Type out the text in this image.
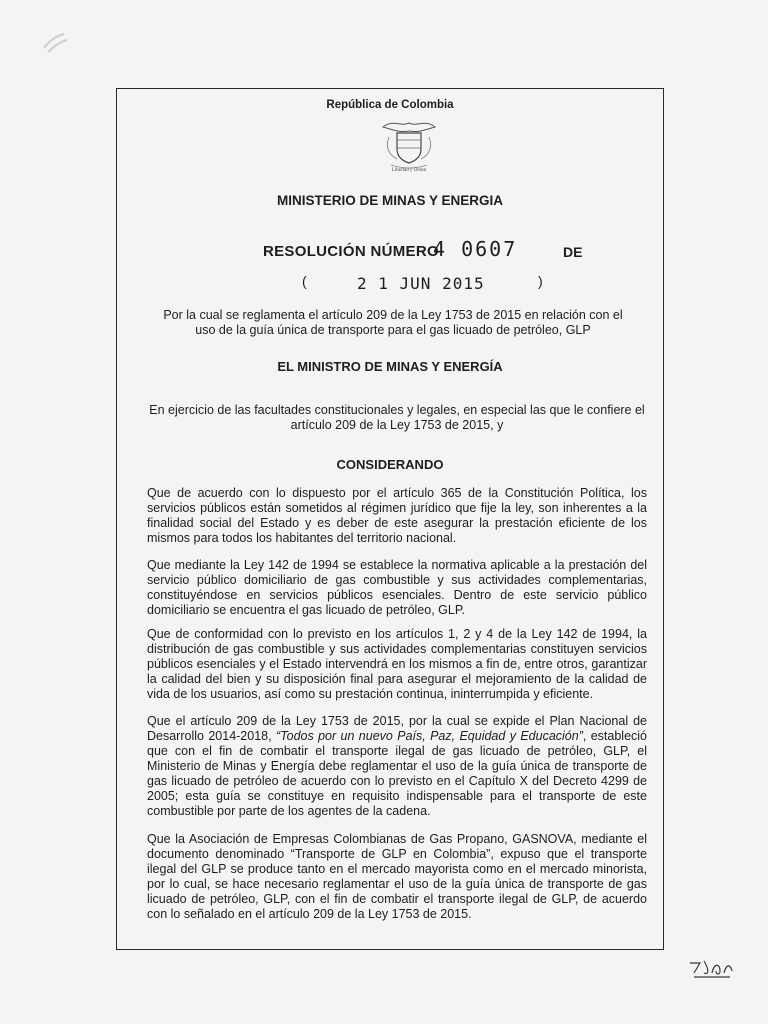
República de Colombia
Libertad y Orden
MINISTERIO DE MINAS Y ENERGIA
RESOLUCIÓN NÚMERO
4 0607	DE
(	2 1 JUN 2015	)
Por la cual se reglamenta el artículo 209 de la Ley 1753 de 2015 en relación con el uso de la guía única de transporte para el gas licuado de petróleo, GLP
EL MINISTRO DE MINAS Y ENERGÍA
En ejercicio de las facultades constitucionales y legales, en especial las que le confiere el artículo 209 de la Ley 1753 de 2015, y
CONSIDERANDO
Que de acuerdo con lo dispuesto por el artículo 365 de la Constitución Política, los servicios públicos están sometidos al régimen jurídico que fije la ley, son inherentes a la finalidad social del Estado y es deber de este asegurar la prestación eficiente de los mismos para todos los habitantes del territorio nacional.
Que mediante la Ley 142 de 1994 se establece la normativa aplicable a la prestación del servicio público domiciliario de gas combustible y sus actividades complementarias, constituyéndose en servicios públicos esenciales. Dentro de este servicio público domiciliario se encuentra el gas licuado de petróleo, GLP.
Que de conformidad con lo previsto en los artículos 1, 2 y 4 de la Ley 142 de 1994, la distribución de gas combustible y sus actividades complementarias constituyen servicios públicos esenciales y el Estado intervendrá en los mismos a fin de, entre otros, garantizar la calidad del bien y su disposición final para asegurar el mejoramiento de la calidad de vida de los usuarios, así como su prestación continua, ininterrumpida y eficiente.
Que el artículo 209 de la Ley 1753 de 2015, por la cual se expide el Plan Nacional de Desarrollo 2014-2018, “Todos por un nuevo País, Paz, Equidad y Educación”, estableció que con el fin de combatir el transporte ilegal de gas licuado de petróleo, GLP, el Ministerio de Minas y Energía debe reglamentar el uso de la guía única de transporte de gas licuado de petróleo de acuerdo con lo previsto en el Capítulo X del Decreto 4299 de 2005; esta guía se constituye en requisito indispensable para el transporte de este combustible por parte de los agentes de la cadena.
Que la Asociación de Empresas Colombianas de Gas Propano, GASNOVA, mediante el documento denominado “Transporte de GLP en Colombia”, expuso que el transporte ilegal del GLP se produce tanto en el mercado mayorista como en el mercado minorista, por lo cual, se hace necesario reglamentar el uso de la guía única de transporte de gas licuado de petróleo, GLP, con el fin de combatir el transporte ilegal de GLP, de acuerdo con lo señalado en el artículo 209 de la Ley 1753 de 2015.
